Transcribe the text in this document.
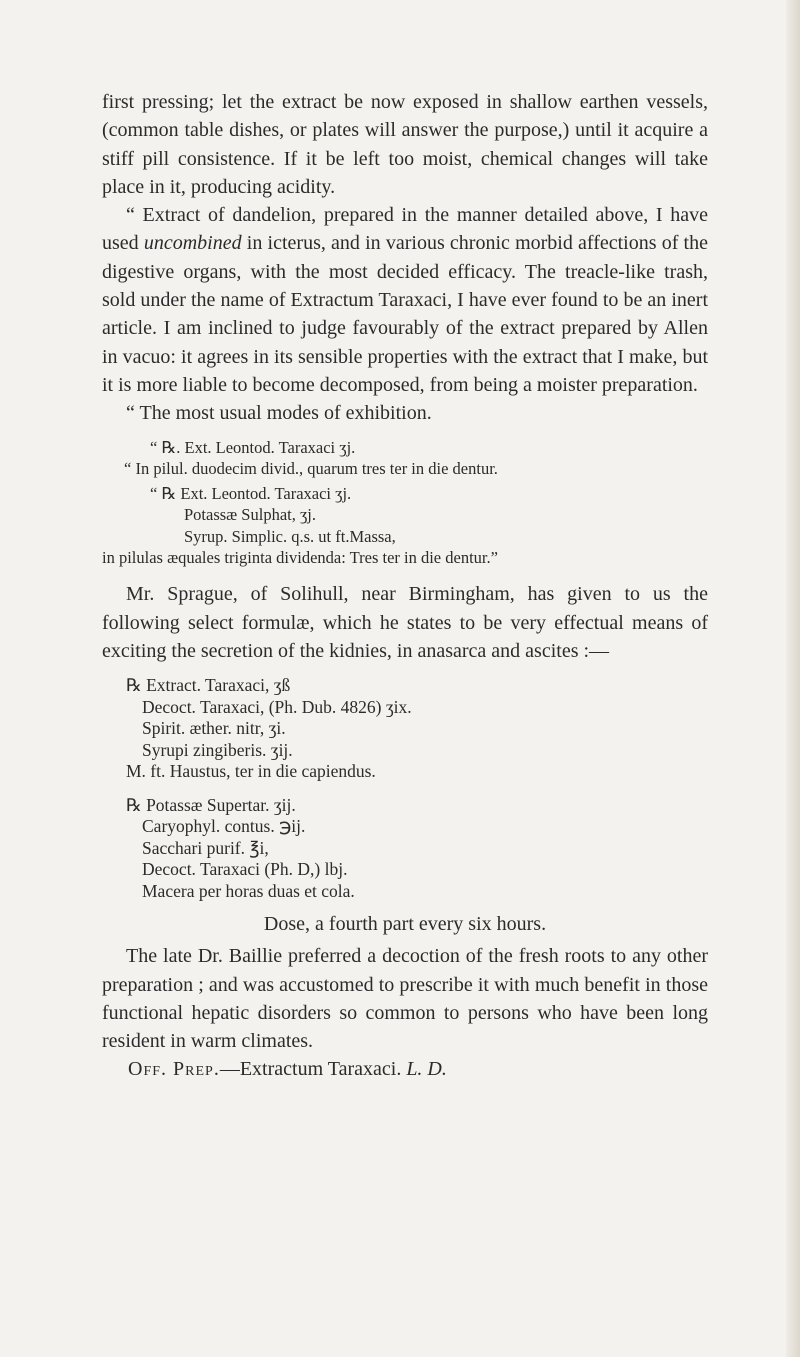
first pressing; let the extract be now exposed in shallow earthen vessels, (common table dishes, or plates will answer the purpose,) until it acquire a stiff pill consistence. If it be left too moist, chemical changes will take place in it, producing acidity.

“ Extract of dandelion, prepared in the manner detailed above, I have used uncombined in icterus, and in various chronic morbid affections of the digestive organs, with the most decided efficacy. The treacle-like trash, sold under the name of Extractum Taraxaci, I have ever found to be an inert article. I am inclined to judge favourably of the extract prepared by Allen in vacuo: it agrees in its sensible properties with the extract that I make, but it is more liable to become decomposed, from being a moister preparation.

“ The most usual modes of exhibition.

“ ℞. Ext. Leontod. Taraxaci ʒj.
“ In pilul. duodecim divid., quarum tres ter in die dentur.
“ ℞ Ext. Leontod. Taraxaci ʒj.
Potassæ Sulphat, ʒj.
Syrup. Simplic. q.s. ut ft.Massa,
in pilulas æquales triginta dividenda: Tres ter in die dentur.”

Mr. Sprague, of Solihull, near Birmingham, has given to us the following select formulæ, which he states to be very effectual means of exciting the secretion of the kidnies, in anasarca and ascites :—

℞ Extract. Taraxaci, ʒß
Decoct. Taraxaci, (Ph. Dub. 4826) ʒix.
Spirit. æther. nitr, ʒi.
Syrupi zingiberis. ʒij.
M. ft. Haustus, ter in die capiendus.
℞ Potassæ Supertar. ʒij.
Caryophyl. contus. ℈ij.
Sacchari purif. ℥i,
Decoct. Taraxaci (Ph. D,) lbj.
Macera per horas duas et cola.

Dose, a fourth part every six hours.

The late Dr. Baillie preferred a decoction of the fresh roots to any other preparation ; and was accustomed to prescribe it with much benefit in those functional hepatic disorders so common to persons who have been long resident in warm climates.

Off. Prep.—Extractum Taraxaci. L. D.
